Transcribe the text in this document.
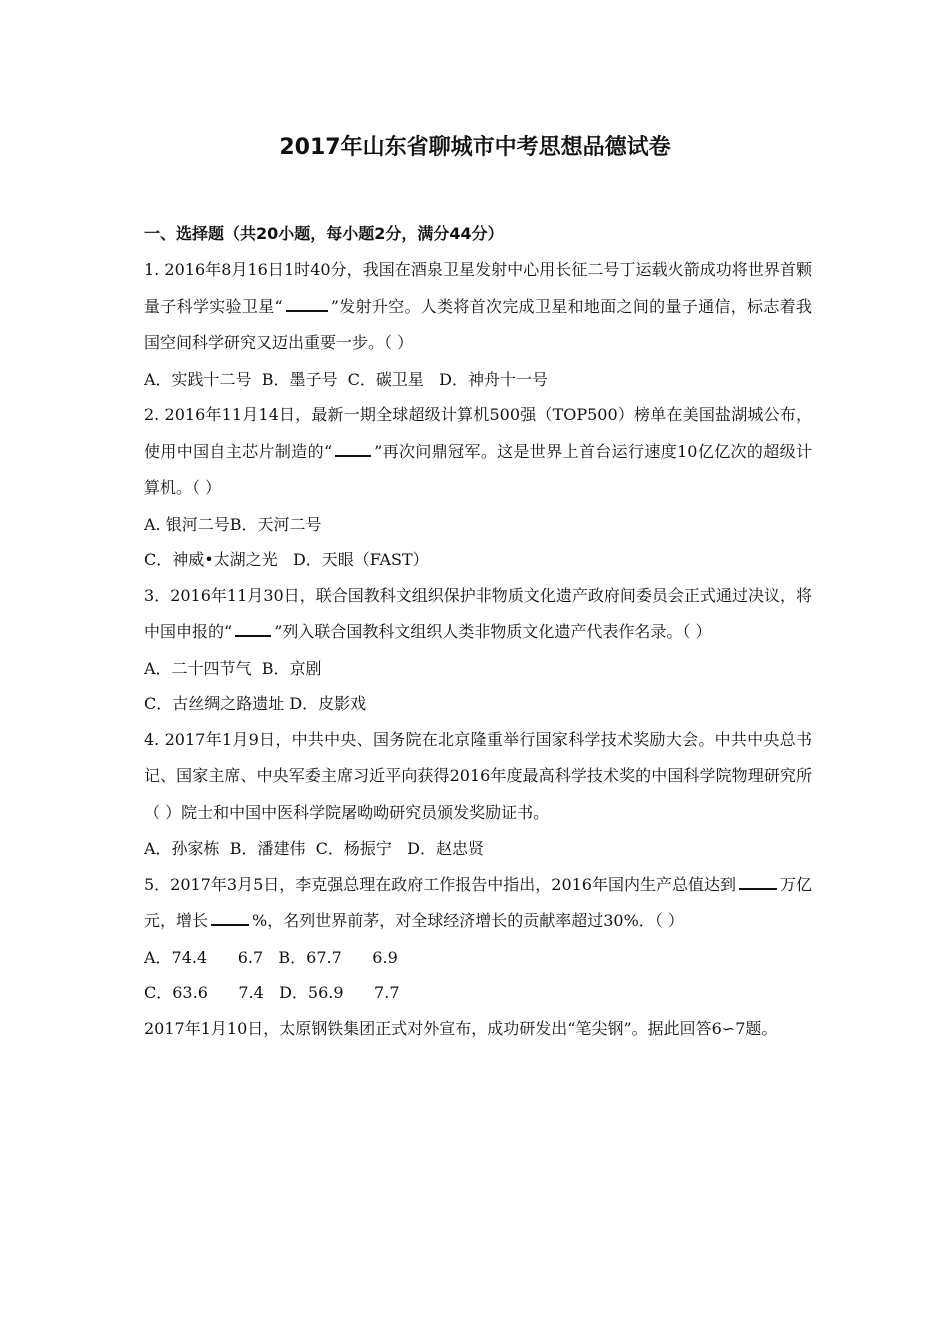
2017年山东省聊城市中考思想品德试卷
一、选择题（共20小题，每小题2分，满分44分）
1. 2016年8月16日1时40分，我国在酒泉卫星发射中心用长征二号丁运载火箭成功将世界首颗量子科学实验卫星“	”发射升空。人类将首次完成卫星和地面之间的量子通信，标志着我国空间科学研究又迈出重要一步。（ ）
A．实践十二号  B．墨子号  C．碳卫星   D．神舟十一号
2. 2016年11月14日，最新一期全球超级计算机500强（TOP500）榜单在美国盐湖城公布，使用中国自主芯片制造的“	”再次问鼎冠军。这是世界上首台运行速度10亿亿次的超级计算机。（ ）
A. 银河二号B．天河二号
C．神威•太湖之光   D．天眼（FAST）
3．2016年11月30日，联合国教科文组织保护非物质文化遗产政府间委员会正式通过决议，将中国申报的“	”列入联合国教科文组织人类非物质文化遗产代表作名录。（ ）
A．二十四节气  B．京剧
C．古丝绸之路遗址 D．皮影戏
4. 2017年1月9日，中共中央、国务院在北京隆重举行国家科学技术奖励大会。中共中央总书记、国家主席、中央军委主席习近平向获得2016年度最高科学技术奖的中国科学院物理研究所（ ）院士和中国中医科学院屠呦呦研究员颁发奖励证书。
A．孙家栋  B．潘建伟  C．杨振宁   D．赵忠贤
5．2017年3月5日，李克强总理在政府工作报告中指出，2016年国内生产总值达到	万亿元，增长	%，名列世界前茅，对全球经济增长的贡献率超过30%．（ ）
A．74.4      6.7   B．67.7      6.9
C．63.6      7.4   D．56.9      7.7
2017年1月10日，太原钢铁集团正式对外宣布，成功研发出“笔尖钢”。据此回答6∽7题。
